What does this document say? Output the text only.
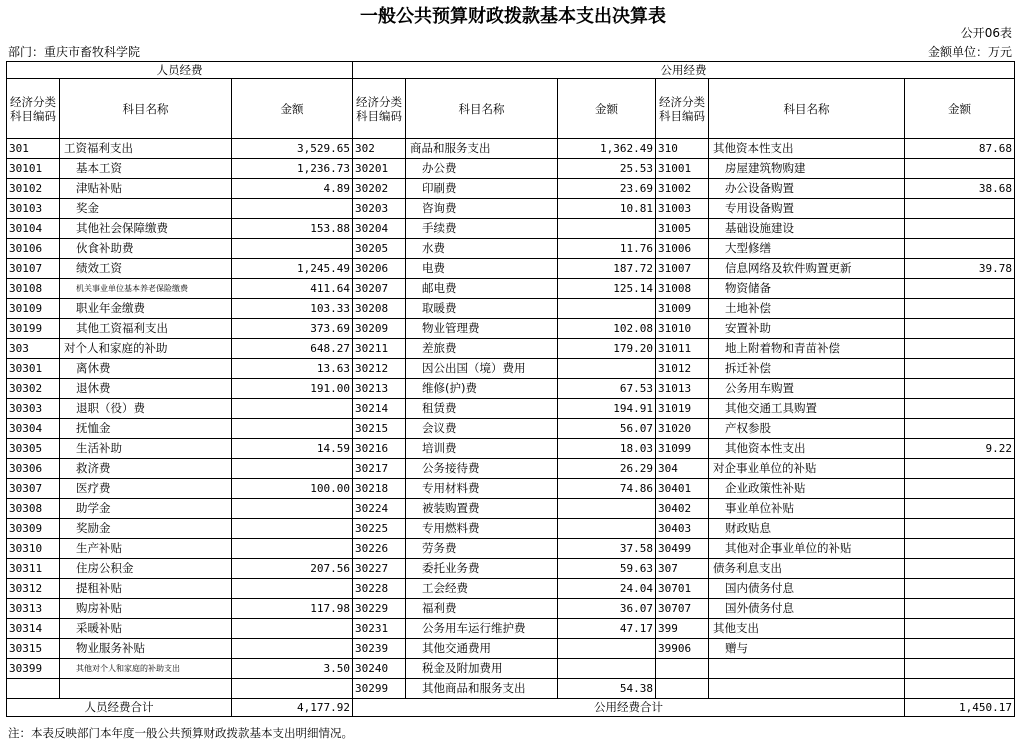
一般公共预算财政拨款基本支出决算表
公开06表
部门：重庆市畜牧科学院	金额单位：万元
人员经费			公用经费					
经济分类科目编码	科目名称	金额	经济分类科目编码	科目名称	金额	经济分类科目编码	科目名称	金额
301	工资福利支出	3,529.65	302	商品和服务支出	1,362.49	310	其他资本性支出	87.68
30101	基本工资	1,236.73	30201	办公费	25.53	31001	房屋建筑物购建	
30102	津贴补贴	4.89	30202	印刷费	23.69	31002	办公设备购置	38.68
30103	奖金		30203	咨询费	10.81	31003	专用设备购置	
30104	其他社会保障缴费	153.88	30204	手续费		31005	基础设施建设	
30106	伙食补助费		30205	水费	11.76	31006	大型修缮	
30107	绩效工资	1,245.49	30206	电费	187.72	31007	信息网络及软件购置更新	39.78
30108	机关事业单位基本养老保险缴费	411.64	30207	邮电费	125.14	31008	物资储备	
30109	职业年金缴费	103.33	30208	取暖费		31009	土地补偿	
30199	其他工资福利支出	373.69	30209	物业管理费	102.08	31010	安置补助	
303	对个人和家庭的补助	648.27	30211	差旅费	179.20	31011	地上附着物和青苗补偿	
30301	离休费	13.63	30212	因公出国（境）费用		31012	拆迁补偿	
30302	退休费	191.00	30213	维修(护)费	67.53	31013	公务用车购置	
30303	退职（役）费		30214	租赁费	194.91	31019	其他交通工具购置	
30304	抚恤金		30215	会议费	56.07	31020	产权参股	
30305	生活补助	14.59	30216	培训费	18.03	31099	其他资本性支出	9.22
30306	救济费		30217	公务接待费	26.29	304	对企事业单位的补贴	
30307	医疗费	100.00	30218	专用材料费	74.86	30401	企业政策性补贴	
30308	助学金		30224	被装购置费		30402	事业单位补贴	
30309	奖励金		30225	专用燃料费		30403	财政贴息	
30310	生产补贴		30226	劳务费	37.58	30499	其他对企事业单位的补贴	
30311	住房公积金	207.56	30227	委托业务费	59.63	307	债务利息支出	
30312	提租补贴		30228	工会经费	24.04	30701	国内债务付息	
30313	购房补贴	117.98	30229	福利费	36.07	30707	国外债务付息	
30314	采暖补贴		30231	公务用车运行维护费	47.17	399	其他支出	
30315	物业服务补贴		30239	其他交通费用		39906	赠与	
30399	其他对个人和家庭的补助支出	3.50	30240	税金及附加费用				
			30299	其他商品和服务支出	54.38			
人员经费合计		4,177.92	公用经费合计					1,450.17
注：本表反映部门本年度一般公共预算财政拨款基本支出明细情况。
